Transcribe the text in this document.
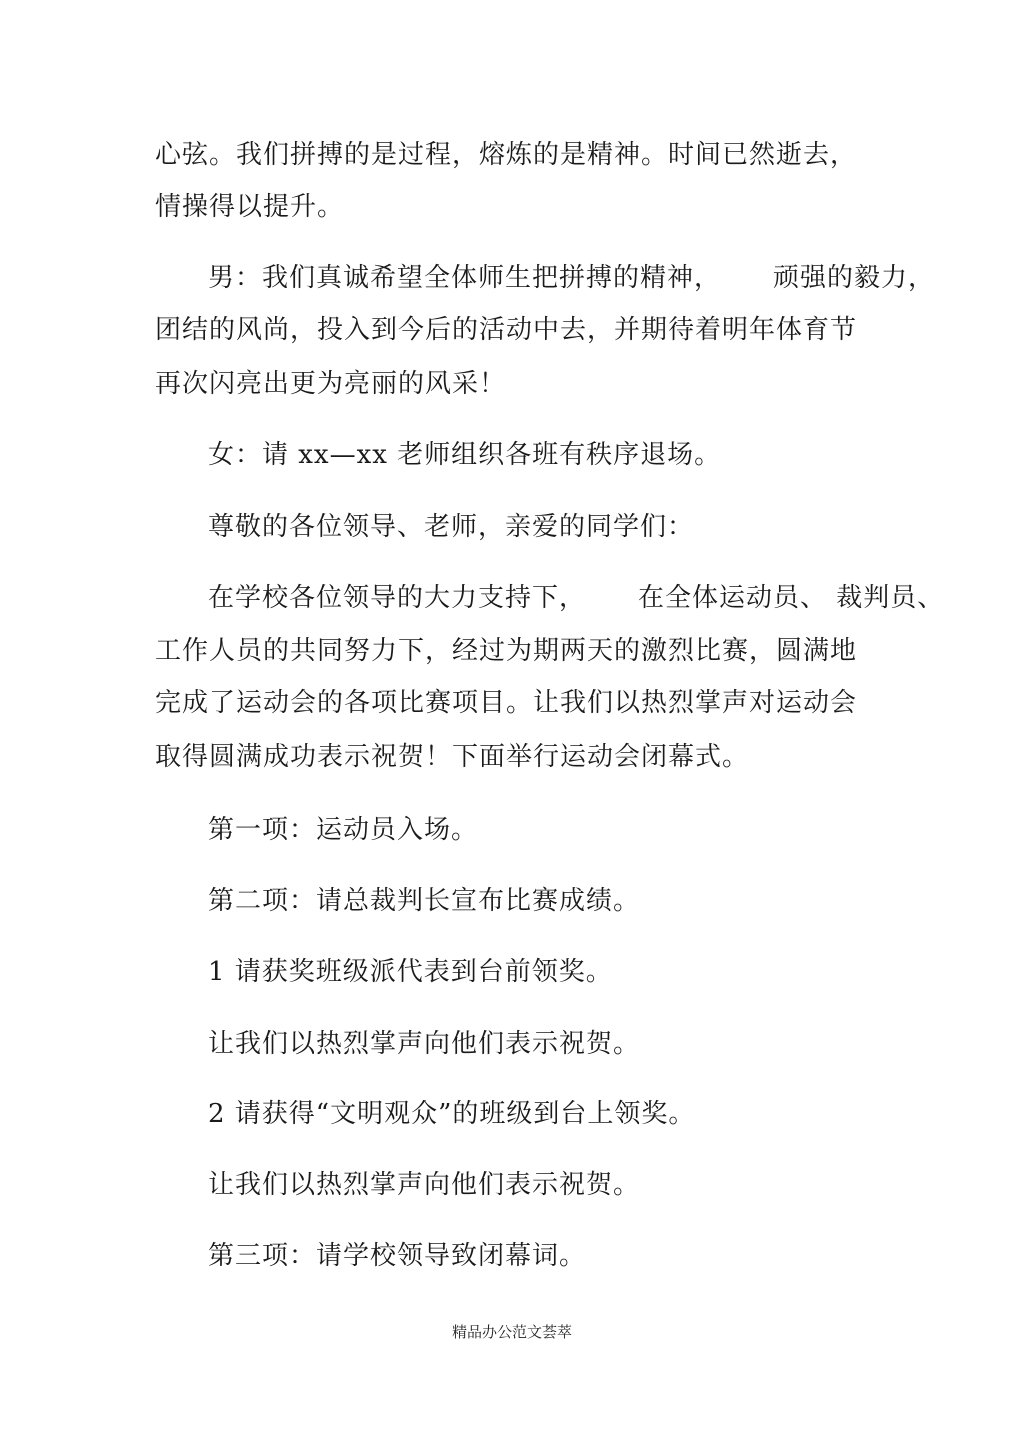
心弦。我们拼搏的是过程，熔炼的是精神。时间已然逝去，
情操得以提升。
男：我们真诚希望全体师生把拼搏的精神， 顽强的毅力，
团结的风尚，投入到今后的活动中去，并期待着明年体育节
再次闪亮出更为亮丽的风采！
女：请 xx—xx 老师组织各班有秩序退场。
尊敬的各位领导、老师，亲爱的同学们：
在学校各位领导的大力支持下， 在全体运动员、 裁判员、
工作人员的共同努力下，经过为期两天的激烈比赛，圆满地
完成了运动会的各项比赛项目。让我们以热烈掌声对运动会
取得圆满成功表示祝贺！下面举行运动会闭幕式。
第一项：运动员入场。
第二项：请总裁判长宣布比赛成绩。
1 请获奖班级派代表到台前领奖。
让我们以热烈掌声向他们表示祝贺。
2 请获得“文明观众”的班级到台上领奖。
让我们以热烈掌声向他们表示祝贺。
第三项：请学校领导致闭幕词。
精品办公范文荟萃
